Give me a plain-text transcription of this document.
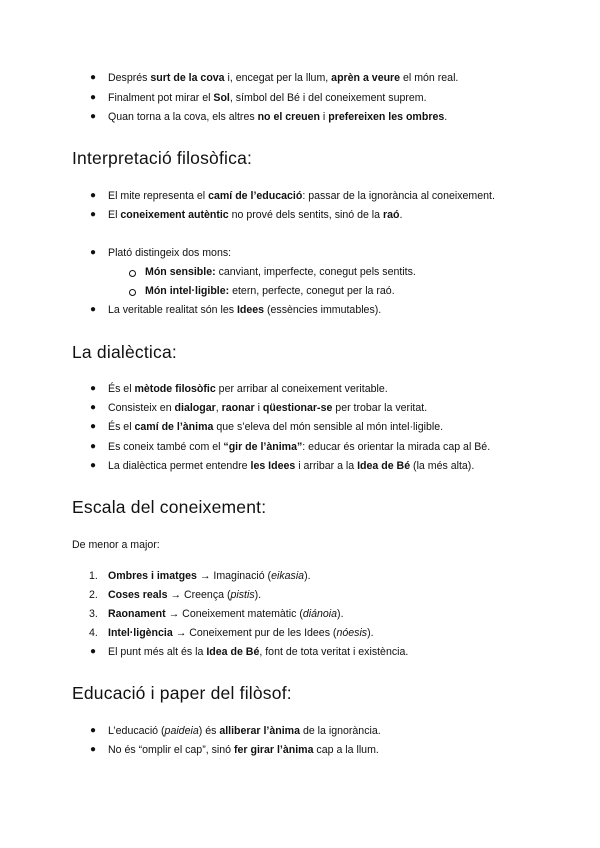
● Després surt de la cova i, encegat per la llum, aprèn a veure el món real.
● Finalment pot mirar el Sol, símbol del Bé i del coneixement suprem.
● Quan torna a la cova, els altres no el creuen i prefereixen les ombres.
Interpretació filosòfica:
● El mite representa el camí de l’educació: passar de la ignorància al coneixement.
● El coneixement autèntic no prové dels sentits, sinó de la raó.
● Plató distingeix dos mons:
Món sensible: canviant, imperfecte, conegut pels sentits.
Món intel·ligible: etern, perfecte, conegut per la raó.
● La veritable realitat són les Idees (essències immutables).
La dialèctica:
● És el mètode filosòfic per arribar al coneixement veritable.
● Consisteix en dialogar, raonar i qüestionar-se per trobar la veritat.
● És el camí de l’ànima que s’eleva del món sensible al món intel·ligible.
● Es coneix també com el “gir de l’ànima”: educar és orientar la mirada cap al Bé.
● La dialèctica permet entendre les Idees i arribar a la Idea de Bé (la més alta).
Escala del coneixement:
De menor a major:
1. Ombres i imatges → Imaginació (eikasia).
2. Coses reals → Creença (pistis).
3. Raonament → Coneixement matemàtic (diánoia).
4. Intel·ligència → Coneixement pur de les Idees (nóesis).
● El punt més alt és la Idea de Bé, font de tota veritat i existència.
Educació i paper del filòsof:
● L’educació (paideia) és alliberar l’ànima de la ignorància.
● No és “omplir el cap”, sinó fer girar l’ànima cap a la llum.
